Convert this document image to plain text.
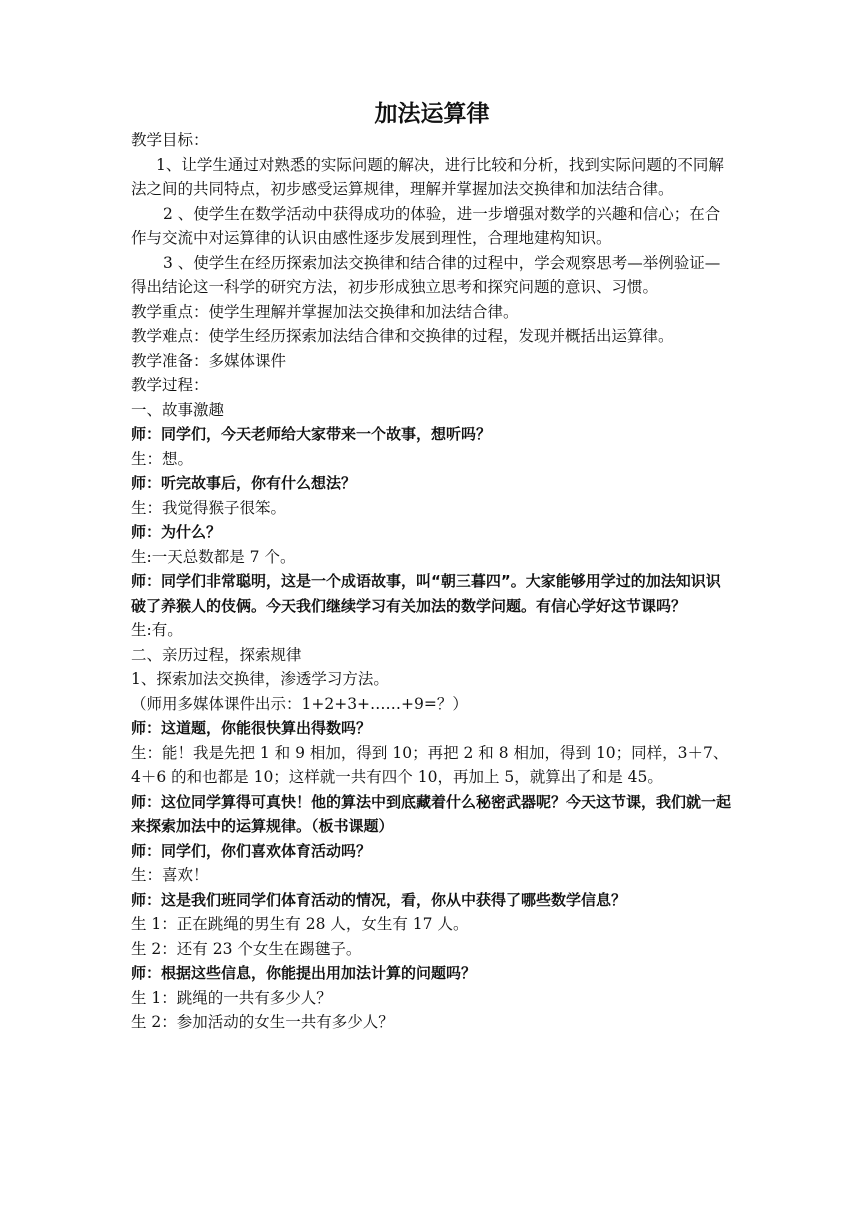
加法运算律

教学目标：

1、让学生通过对熟悉的实际问题的解决，进行比较和分析，找到实际问题的不同解法之间的共同特点，初步感受运算规律，理解并掌握加法交换律和加法结合律。

2 、使学生在数学活动中获得成功的体验，进一步增强对数学的兴趣和信心；在合作与交流中对运算律的认识由感性逐步发展到理性，合理地建构知识。

3 、使学生在经历探索加法交换律和结合律的过程中，学会观察思考—举例验证—得出结论这一科学的研究方法，初步形成独立思考和探究问题的意识、习惯。

教学重点：使学生理解并掌握加法交换律和加法结合律。

教学难点：使学生经历探索加法结合律和交换律的过程，发现并概括出运算律。

教学准备：多媒体课件

教学过程：

一、故事激趣

师：同学们，今天老师给大家带来一个故事，想听吗？

生：想。

师：听完故事后，你有什么想法？

生：我觉得猴子很笨。

师：为什么？

生:一天总数都是 7 个。

师：同学们非常聪明，这是一个成语故事，叫“朝三暮四”。大家能够用学过的加法知识识破了养猴人的伎俩。今天我们继续学习有关加法的数学问题。有信心学好这节课吗？

生:有。

二、亲历过程，探索规律

1、探索加法交换律，渗透学习方法。

（师用多媒体课件出示：1+2+3+……+9=？）

师：这道题，你能很快算出得数吗？

生：能！我是先把 1 和 9 相加，得到 10；再把 2 和 8 相加，得到 10；同样，3＋7、4＋6 的和也都是 10；这样就一共有四个 10，再加上 5，就算出了和是 45。

师：这位同学算得可真快！他的算法中到底藏着什么秘密武器呢？今天这节课，我们就一起来探索加法中的运算规律。（板书课题）

师：同学们，你们喜欢体育活动吗？

生：喜欢！

师：这是我们班同学们体育活动的情况，看，你从中获得了哪些数学信息？

生 1：正在跳绳的男生有 28 人，女生有 17 人。

生 2：还有 23 个女生在踢毽子。

师：根据这些信息，你能提出用加法计算的问题吗？

生 1：跳绳的一共有多少人？

生 2：参加活动的女生一共有多少人？
